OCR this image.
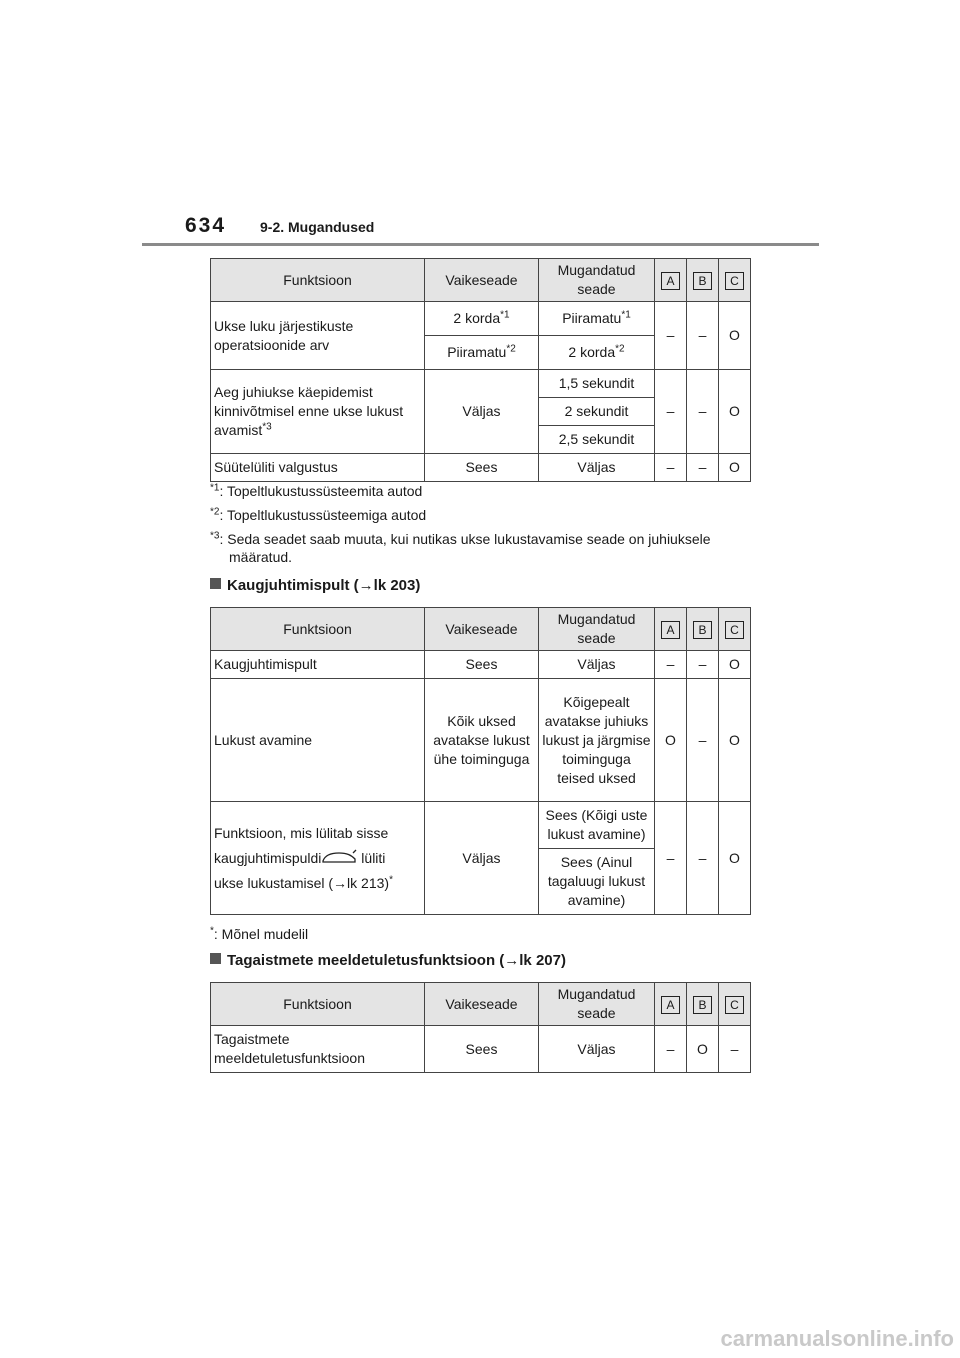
634 9-2. Mugandused
Funktsioon	Vaikeseade	Mugandatud seade	A	B	C
Ukse luku järjestikuste operatsioonide arv	2 korda$^{*1}$	Piiramatu$^{*1}$	–	–	O
	Piiramatu$^{*2}$	2 korda$^{*2}$
Aeg juhiukse käepidemist kinnivõtmisel enne ukse lukust avamist$^{*3}$	Väljas	1,5 sekundit	–	–	O
		2 sekundit			
		2,5 sekundit			
Süütelüliti valgustus	Sees	Väljas	–	–	O
$^{*1}$: Topeltlukustussüsteemita autod
$^{*2}$: Topeltlukustussüsteemiga autod
$^{*3}$: Seda seadet saab muuta, kui nutikas ukse lukustavamise seade on juhiuksele
määratud.
Kaugjuhtimispult (→lk 203)
Funktsioon	Vaikeseade	Mugandatud seade	A	B	C
Kaugjuhtimispult	Sees	Väljas	–	–	O
Lukust avamine	Kõik uksed avatakse lukust ühe toiminguga	Kõigepealt avatakse juhiuks lukust ja järgmise toiminguga teised uksed	O	–	O
Funktsioon, mis lülitab sisse
kaugjuhtimispuldi lüliti
ukse lukustamisel (→lk 213)*	Väljas	Sees (Kõigi uste lukust avamine)	–	–	O
		Sees (Ainul tagaluugi lukust avamine)			
*: Mõnel mudelil
Tagaistmete meeldetuletusfunktsioon (→lk 207)
Funktsioon	Vaikeseade	Mugandatud seade	A	B	C
Tagaistmete meeldetuletusfunktsioon	Sees	Väljas	–	O	–
carmanualsonline.info
